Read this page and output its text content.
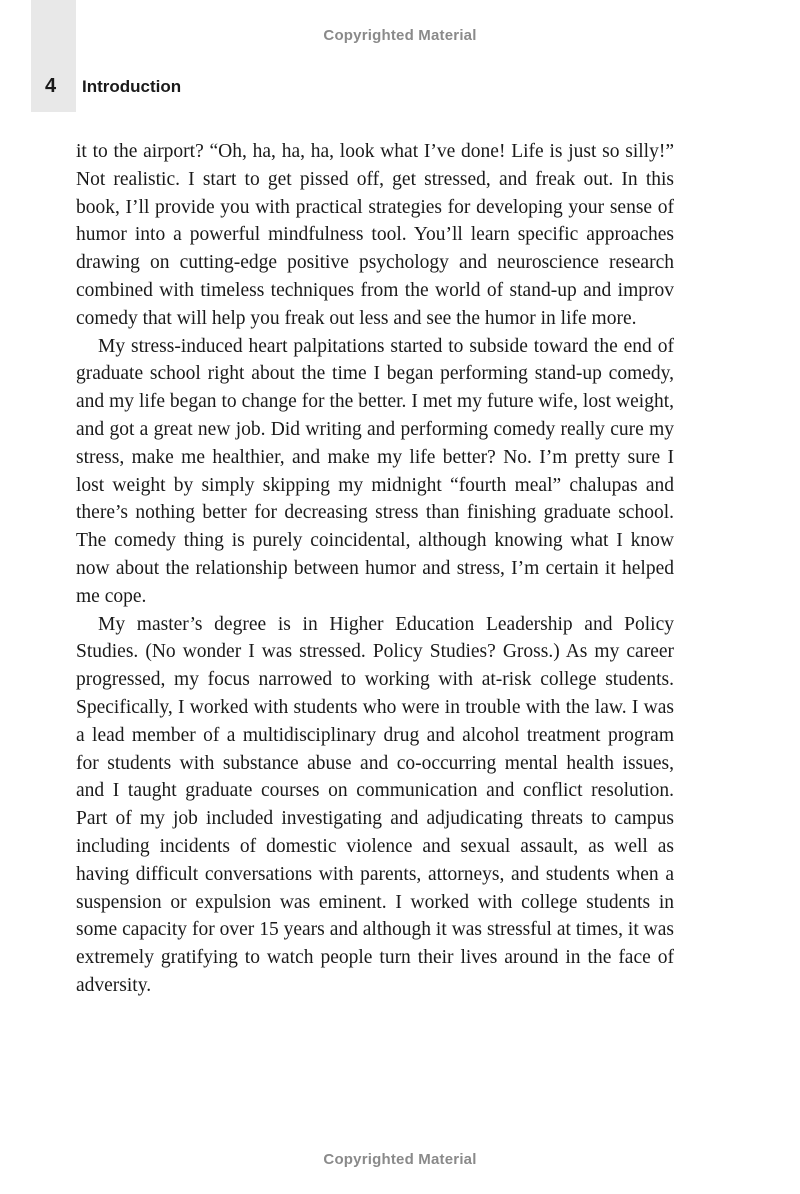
Copyrighted Material
4 Introduction

it to the airport? “Oh, ha, ha, ha, look what I’ve done! Life is just so silly!” Not realistic. I start to get pissed off, get stressed, and freak out. In this book, I’ll provide you with practical strategies for developing your sense of humor into a powerful mindfulness tool. You’ll learn specific approaches drawing on cutting-edge positive psychology and neuroscience research combined with timeless techniques from the world of stand-up and improv comedy that will help you freak out less and see the humor in life more.

My stress-induced heart palpitations started to subside toward the end of graduate school right about the time I began performing stand-up comedy, and my life began to change for the better. I met my future wife, lost weight, and got a great new job. Did writing and performing comedy really cure my stress, make me healthier, and make my life better? No. I’m pretty sure I lost weight by simply skipping my midnight “fourth meal” chalupas and there’s nothing better for decreasing stress than finishing graduate school. The comedy thing is purely coincidental, although knowing what I know now about the relationship between humor and stress, I’m certain it helped me cope.

My master’s degree is in Higher Education Leadership and Policy Studies. (No wonder I was stressed. Policy Studies? Gross.) As my career progressed, my focus narrowed to working with at-risk college students. Specifically, I worked with students who were in trouble with the law. I was a lead member of a multidisciplinary drug and alcohol treatment program for students with substance abuse and co-occurring mental health issues, and I taught graduate courses on communication and conflict resolution. Part of my job included investigating and adjudicating threats to campus including incidents of domestic violence and sexual assault, as well as having difficult conversations with parents, attorneys, and students when a suspension or expulsion was eminent. I worked with college students in some capacity for over 15 years and although it was stressful at times, it was extremely gratifying to watch people turn their lives around in the face of adversity.

Copyrighted Material
